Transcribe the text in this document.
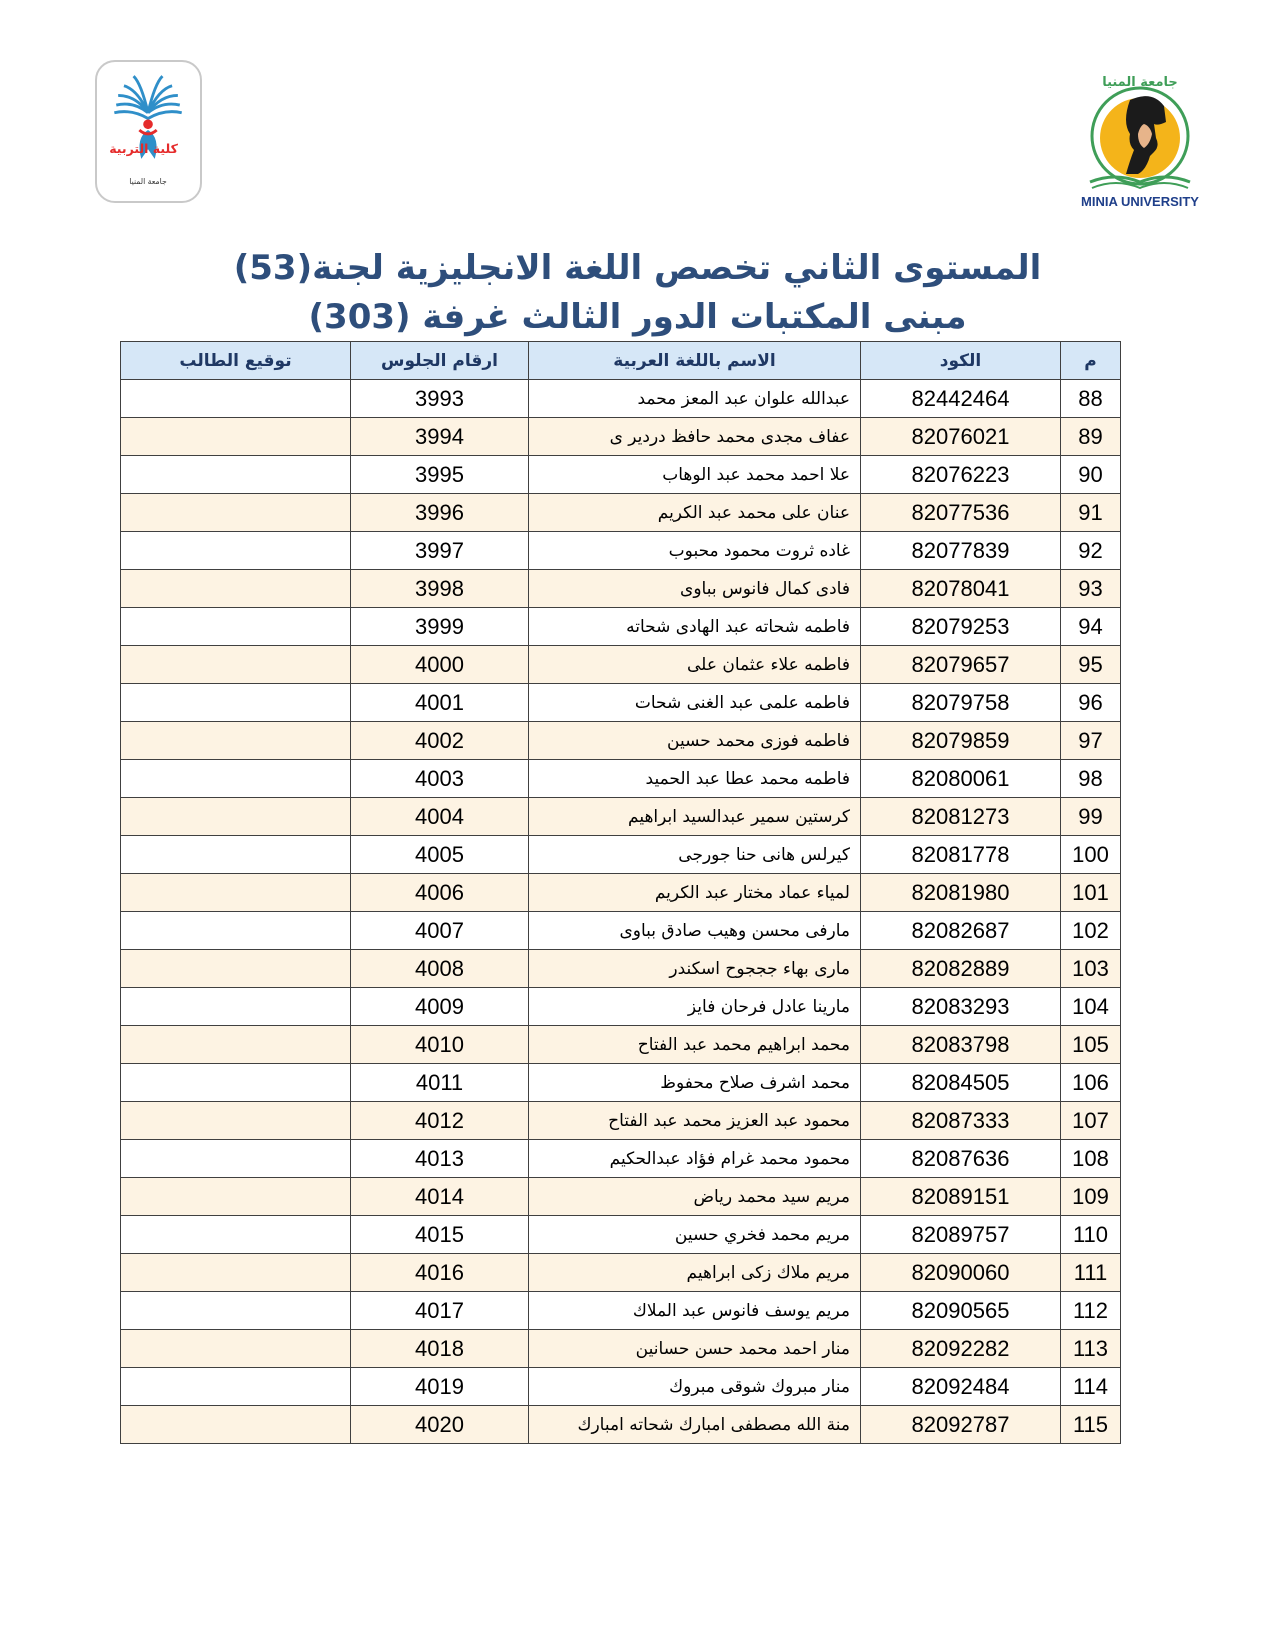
كلية التربية
جامعة المنيا
جامعة المنيا
MINIA UNIVERSITY
المستوى الثاني تخصص اللغة الانجليزية لجنة(53)
مبنى المكتبات الدور الثالث غرفة (303)
م	الكود	الاسم باللغة العربية	ارقام الجلوس	توقيع الطالب
88	82442464	عبدالله علوان عبد المعز محمد	3993	
89	82076021	عفاف مجدى محمد حافظ دردير ى	3994	
90	82076223	علا احمد محمد عبد الوهاب	3995	
91	82077536	عنان على محمد عبد الكريم	3996	
92	82077839	غاده ثروت محمود محبوب	3997	
93	82078041	فادى كمال فانوس بباوى	3998	
94	82079253	فاطمه شحاته عبد الهادى شحاته	3999	
95	82079657	فاطمه علاء عثمان على	4000	
96	82079758	فاطمه علمى عبد الغنى شحات	4001	
97	82079859	فاطمه فوزى محمد حسين	4002	
98	82080061	فاطمه محمد عطا عبد الحميد	4003	
99	82081273	كرستين سمير عبدالسيد ابراهيم	4004	
100	82081778	كيرلس هانى حنا جورجى	4005	
101	82081980	لمياء عماد مختار عبد الكريم	4006	
102	82082687	مارفى محسن وهيب صادق بباوى	4007	
103	82082889	مارى بهاء جججوح اسكندر	4008	
104	82083293	مارينا عادل فرحان فايز	4009	
105	82083798	محمد ابراهيم محمد عبد الفتاح	4010	
106	82084505	محمد اشرف صلاح محفوظ	4011	
107	82087333	محمود عبد العزيز محمد عبد الفتاح	4012	
108	82087636	محمود محمد غرام فؤاد عبدالحكيم	4013	
109	82089151	مريم سيد محمد رياض	4014	
110	82089757	مريم محمد فخري حسين	4015	
111	82090060	مريم ملاك زكى ابراهيم	4016	
112	82090565	مريم يوسف فانوس عبد الملاك	4017	
113	82092282	منار احمد محمد حسن حسانين	4018	
114	82092484	منار مبروك شوقى مبروك	4019	
115	82092787	منة الله مصطفى امبارك شحاته امبارك	4020	
